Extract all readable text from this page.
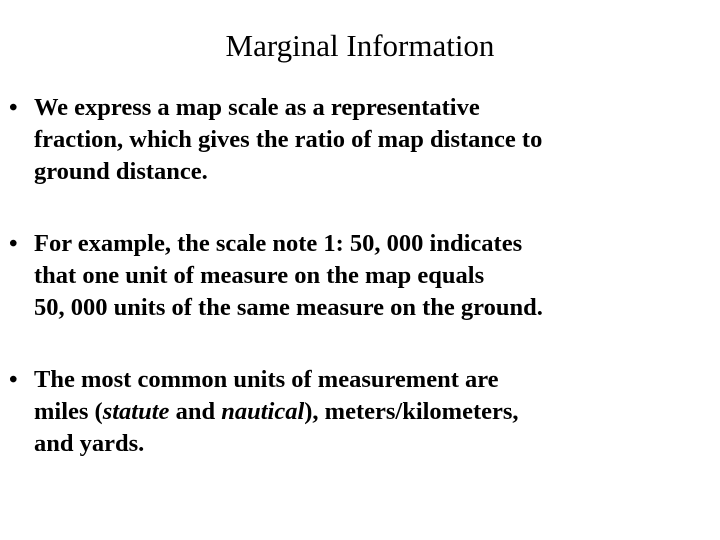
Marginal Information
• We express a map scale as a representative
fraction, which gives the ratio of map distance to
ground distance.
• For example, the scale note 1: 50, 000 indicates
that one unit of measure on the map equals
50, 000 units of the same measure on the ground.
• The most common units of measurement are
miles (statute and nautical), meters/kilometers,
and yards.
